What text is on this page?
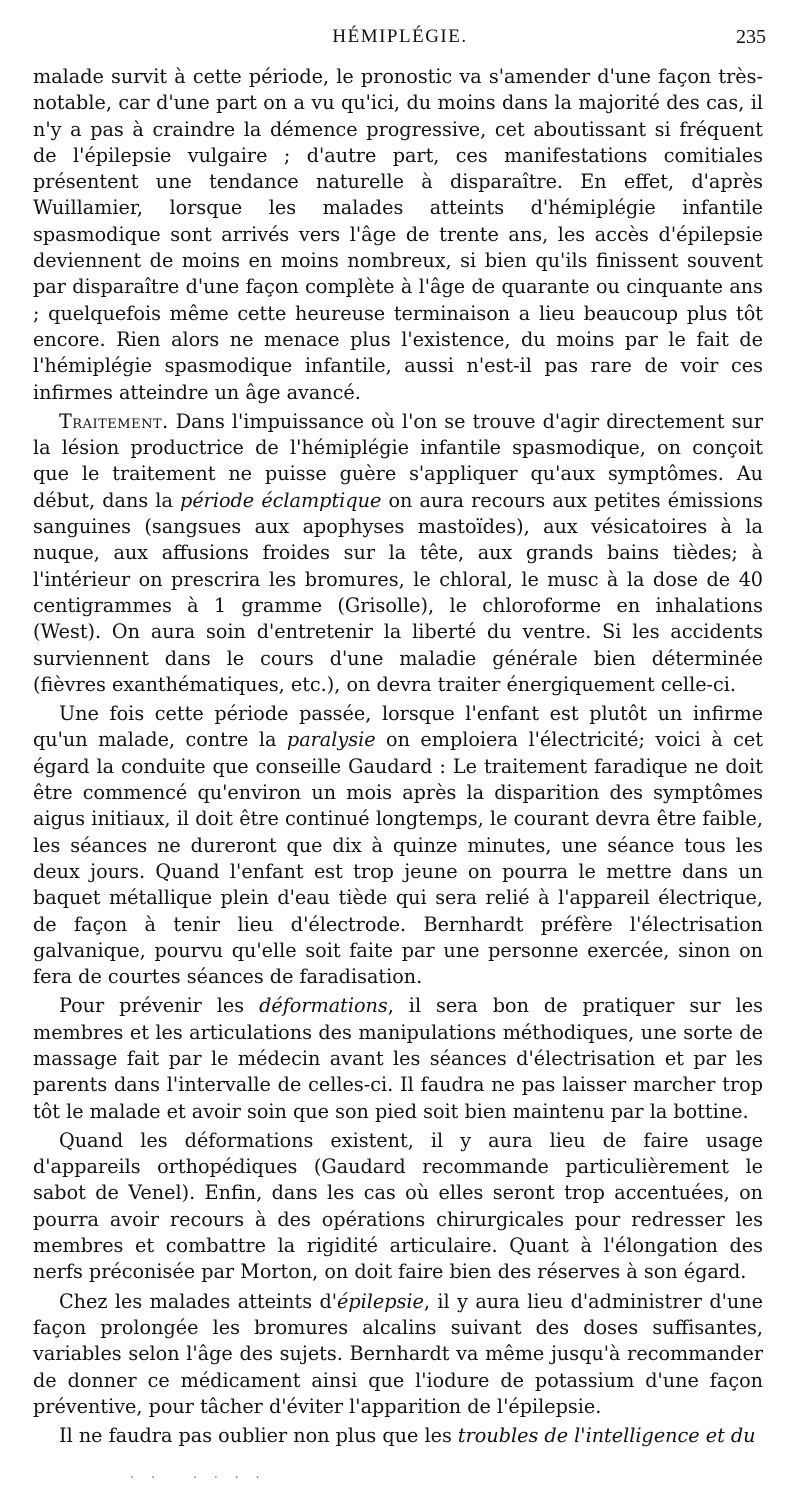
HÉMIPLÉGIE.	235

malade survit à cette période, le pronostic va s'amender d'une façon très-notable, car d'une part on a vu qu'ici, du moins dans la majorité des cas, il n'y a pas à craindre la démence progressive, cet aboutissant si fréquent de l'épilepsie vulgaire ; d'autre part, ces manifestations comitiales présentent une tendance naturelle à disparaître. En effet, d'après Wuillamier, lorsque les malades atteints d'hémiplégie infantile spasmodique sont arrivés vers l'âge de trente ans, les accès d'épilepsie deviennent de moins en moins nombreux, si bien qu'ils finissent souvent par disparaître d'une façon complète à l'âge de quarante ou cinquante ans ; quelquefois même cette heureuse terminaison a lieu beaucoup plus tôt encore. Rien alors ne menace plus l'existence, du moins par le fait de l'hémiplégie spasmodique infantile, aussi n'est-il pas rare de voir ces infirmes atteindre un âge avancé.

Traitement. Dans l'impuissance où l'on se trouve d'agir directement sur la lésion productrice de l'hémiplégie infantile spasmodique, on conçoit que le traitement ne puisse guère s'appliquer qu'aux symptômes. Au début, dans la période éclamptique on aura recours aux petites émissions sanguines (sangsues aux apophyses mastoïdes), aux vésicatoires à la nuque, aux affusions froides sur la tête, aux grands bains tièdes; à l'intérieur on prescrira les bromures, le chloral, le musc à la dose de 40 centigrammes à 1 gramme (Grisolle), le chloroforme en inhalations (West). On aura soin d'entretenir la liberté du ventre. Si les accidents surviennent dans le cours d'une maladie générale bien déterminée (fièvres exanthématiques, etc.), on devra traiter énergiquement celle-ci.

Une fois cette période passée, lorsque l'enfant est plutôt un infirme qu'un malade, contre la paralysie on emploiera l'électricité; voici à cet égard la conduite que conseille Gaudard : Le traitement faradique ne doit être commencé qu'environ un mois après la disparition des symptômes aigus initiaux, il doit être continué longtemps, le courant devra être faible, les séances ne dureront que dix à quinze minutes, une séance tous les deux jours. Quand l'enfant est trop jeune on pourra le mettre dans un baquet métallique plein d'eau tiède qui sera relié à l'appareil électrique, de façon à tenir lieu d'électrode. Bernhardt préfère l'électrisation galvanique, pourvu qu'elle soit faite par une personne exercée, sinon on fera de courtes séances de faradisation.

Pour prévenir les déformations, il sera bon de pratiquer sur les membres et les articulations des manipulations méthodiques, une sorte de massage fait par le médecin avant les séances d'électrisation et par les parents dans l'intervalle de celles-ci. Il faudra ne pas laisser marcher trop tôt le malade et avoir soin que son pied soit bien maintenu par la bottine.

Quand les déformations existent, il y aura lieu de faire usage d'appareils orthopédiques (Gaudard recommande particulièrement le sabot de Venel). Enfin, dans les cas où elles seront trop accentuées, on pourra avoir recours à des opérations chirurgicales pour redresser les membres et combattre la rigidité articulaire. Quant à l'élongation des nerfs préconisée par Morton, on doit faire bien des réserves à son égard.

Chez les malades atteints d'épilepsie, il y aura lieu d'administrer d'une façon prolongée les bromures alcalins suivant des doses suffisantes, variables selon l'âge des sujets. Bernhardt va même jusqu'à recommander de donner ce médicament ainsi que l'iodure de potassium d'une façon préventive, pour tâcher d'éviter l'apparition de l'épilepsie.

Il ne faudra pas oublier non plus que les troubles de l'intelligence et du

· ·   · · · ·
